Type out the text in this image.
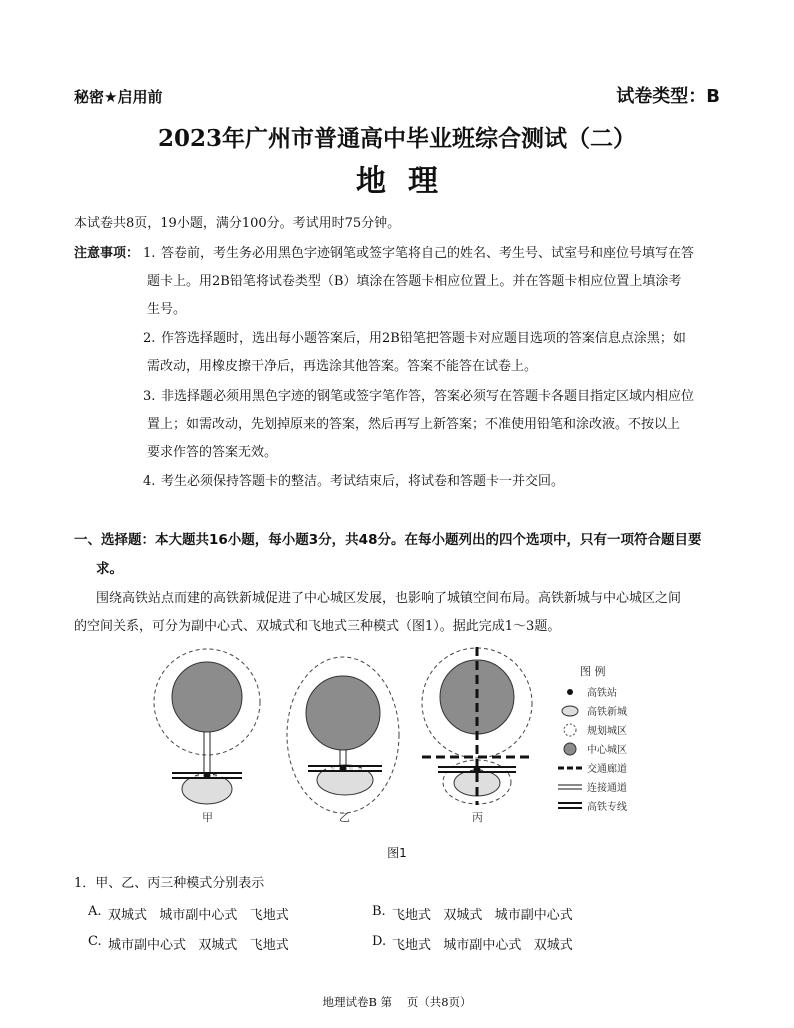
秘密★启用前	试卷类型：B
2023年广州市普通高中毕业班综合测试（二）
地理
本试卷共8页，19小题，满分100分。考试用时75分钟。
注意事项： 1. 答卷前，考生务必用黑色字迹钢笔或签字笔将自己的姓名、考生号、试室号和座位号填写在答
题卡上。用2B铅笔将试卷类型（B）填涂在答题卡相应位置上。并在答题卡相应位置上填涂考
生号。
2. 作答选择题时，选出每小题答案后，用2B铅笔把答题卡对应题目选项的答案信息点涂黑；如
需改动，用橡皮擦干净后，再选涂其他答案。答案不能答在试卷上。
3. 非选择题必须用黑色字迹的钢笔或签字笔作答，答案必须写在答题卡各题目指定区域内相应位
置上；如需改动，先划掉原来的答案，然后再写上新答案；不准使用铅笔和涂改液。不按以上
要求作答的答案无效。
4. 考生必须保持答题卡的整洁。考试结束后，将试卷和答题卡一并交回。
一、选择题：本大题共16小题，每小题3分，共48分。在每小题列出的四个选项中，只有一项符合题目要
求。
围绕高铁站点而建的高铁新城促进了中心城区发展，也影响了城镇空间布局。高铁新城与中心城区之间
的空间关系，可分为副中心式、双城式和飞地式三种模式（图1）。据此完成1～3题。
甲	乙	丙
图 例
高铁站
高铁新城
规划城区
中心城区
交通廊道
连接通道
高铁专线
图1
1．甲、乙、丙三种模式分别表示
A. 双城式   城市副中心式   飞地式	B. 飞地式   双城式   城市副中心式
C. 城市副中心式   双城式   飞地式	D. 飞地式   城市副中心式   双城式
地理试卷B 第    页（共8页）
